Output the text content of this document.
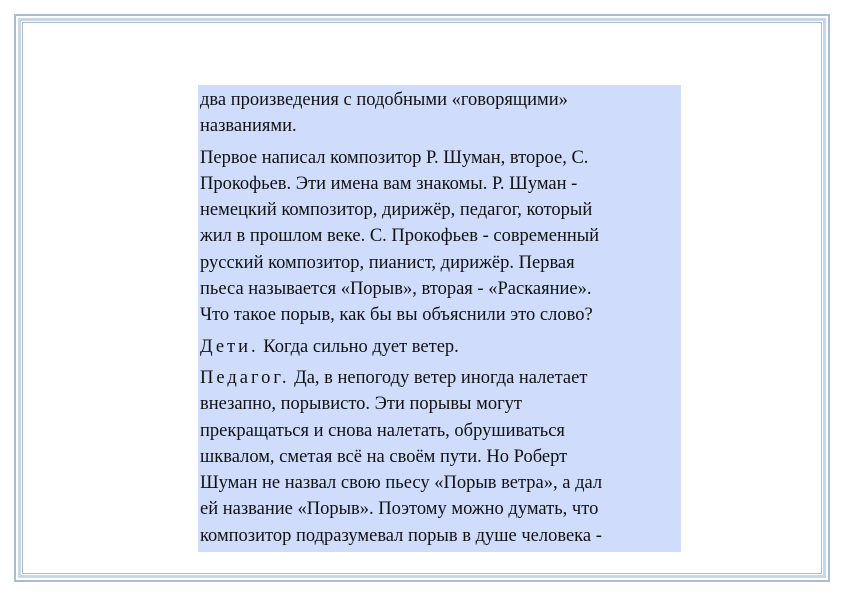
два произведения с подобными «говорящими»
названиями.

Первое написал композитор Р. Шуман, второе, С.
Прокофьев. Эти имена вам знакомы. Р. Шуман -
немецкий композитор, дирижёр, педагог, который
жил в прошлом веке. С. Прокофьев - современный
русский композитор, пианист, дирижёр. Первая
пьеса называется «Порыв», вторая - «Раскаяние».
Что такое порыв, как бы вы объяснили это слово?

Дети. Когда сильно дует ветер.

Педагог. Да, в непогоду ветер иногда налетает
внезапно, порывисто. Эти порывы могут
прекращаться и снова налетать, обрушиваться
шквалом, сметая всё на своём пути. Но Роберт
Шуман не назвал свою пьесу «Порыв ветра», а дал
ей название «Порыв». Поэтому можно думать, что
композитор подразумевал порыв в душе человека -
